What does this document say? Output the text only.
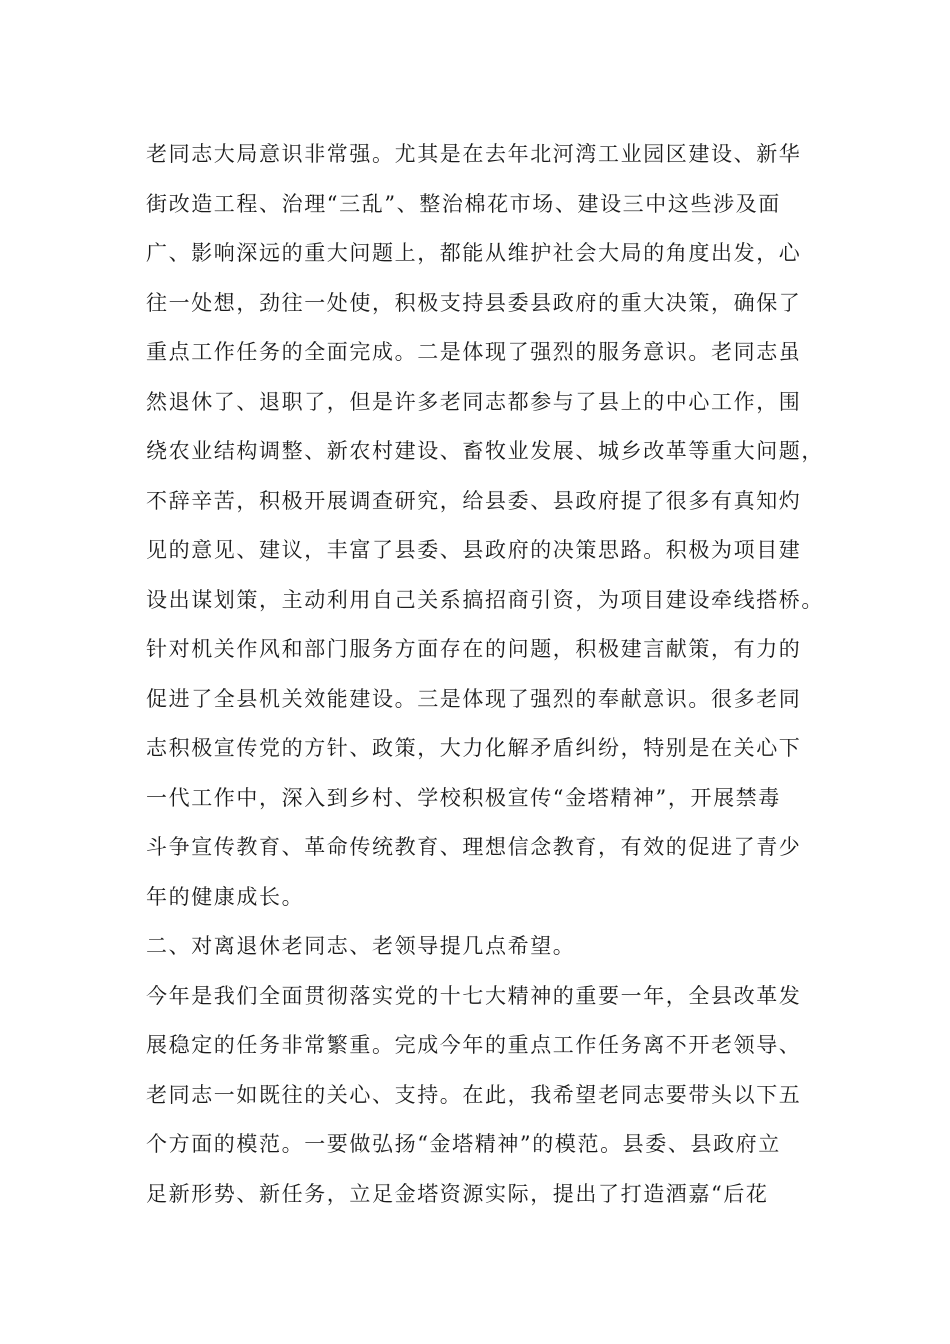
老同志大局意识非常强。尤其是在去年北河湾工业园区建设、新华
街改造工程、治理“三乱”、整治棉花市场、建设三中这些涉及面
广、影响深远的重大问题上，都能从维护社会大局的角度出发，心
往一处想，劲往一处使，积极支持县委县政府的重大决策，确保了
重点工作任务的全面完成。二是体现了强烈的服务意识。老同志虽
然退休了、退职了，但是许多老同志都参与了县上的中心工作，围
绕农业结构调整、新农村建设、畜牧业发展、城乡改革等重大问题，
不辞辛苦，积极开展调查研究，给县委、县政府提了很多有真知灼
见的意见、建议，丰富了县委、县政府的决策思路。积极为项目建
设出谋划策，主动利用自己关系搞招商引资，为项目建设牵线搭桥。
针对机关作风和部门服务方面存在的问题，积极建言献策，有力的
促进了全县机关效能建设。三是体现了强烈的奉献意识。很多老同
志积极宣传党的方针、政策，大力化解矛盾纠纷，特别是在关心下
一代工作中，深入到乡村、学校积极宣传“金塔精神”，开展禁毒
斗争宣传教育、革命传统教育、理想信念教育，有效的促进了青少
年的健康成长。
二、对离退休老同志、老领导提几点希望。
今年是我们全面贯彻落实党的十七大精神的重要一年，全县改革发
展稳定的任务非常繁重。完成今年的重点工作任务离不开老领导、
老同志一如既往的关心、支持。在此，我希望老同志要带头以下五
个方面的模范。一要做弘扬“金塔精神”的模范。县委、县政府立
足新形势、新任务，立足金塔资源实际，提出了打造酒嘉“后花
